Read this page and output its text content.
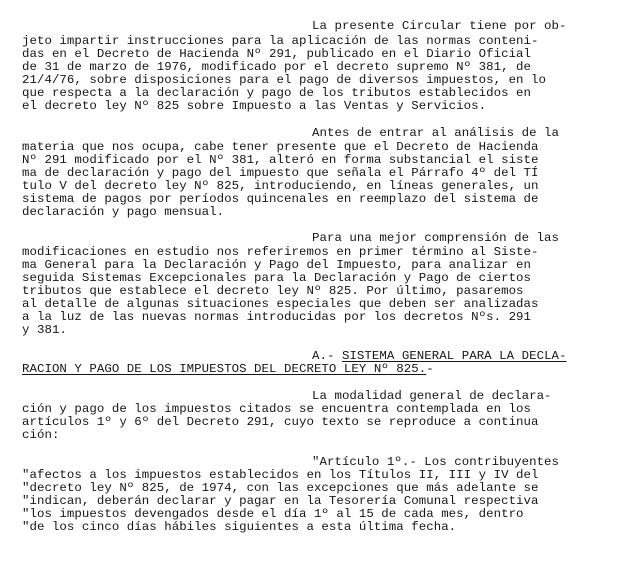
La presente Circular tiene por ob-
jeto impartir instrucciones para la aplicación de las normas conteni-
das en el Decreto de Hacienda Nº 291, publicado en el Diario Oficial
de 31 de marzo de 1976, modificado por el decreto supremo Nº 381, de
21/4/76, sobre disposiciones para el pago de diversos impuestos, en lo
que respecta a la declaración y pago de los tributos establecidos en
el decreto ley Nº 825 sobre Impuesto a las Ventas y Servicios.
Antes de entrar al análisis de la
materia que nos ocupa, cabe tener presente que el Decreto de Hacienda
Nº 291 modificado por el Nº 381, alteró en forma substancial el siste
ma de declaración y pago del impuesto que señala el Párrafo 4º del TÍ
tulo V del decreto ley Nº 825, introduciendo, en líneas generales, un
sistema de pagos por períodos quincenales en reemplazo del sistema de
declaración y pago mensual.
Para una mejor comprensión de las
modificaciones en estudio nos referiremos en primer término al Siste-
ma General para la Declaración y Pago del Impuesto, para analizar en
seguida Sistemas Excepcionales para la Declaración y Pago de ciertos
tributos que establece el decreto ley Nº 825. Por último, pasaremos
al detalle de algunas situaciones especiales que deben ser analizadas
a la luz de las nuevas normas introducidas por los decretos Nºs. 291
y 381.
A.- SISTEMA GENERAL PARA LA DECLA-
RACION Y PAGO DE LOS IMPUESTOS DEL DECRETO LEY Nº 825.-
La modalidad general de declara-
ción y pago de los impuestos citados se encuentra contemplada en los
artículos 1º y 6º del Decreto 291, cuyo texto se reproduce a continua
ción:
"Artículo 1º.- Los contribuyentes
"afectos a los impuestos establecidos en los Títulos II, III y IV del
"decreto ley Nº 825, de 1974, con las excepciones que más adelante se
"indican, deberán declarar y pagar en la Tesorería Comunal respectiva
"los impuestos devengados desde el día 1º al 15 de cada mes, dentro
"de los cinco días hábiles siguientes a esta última fecha.
